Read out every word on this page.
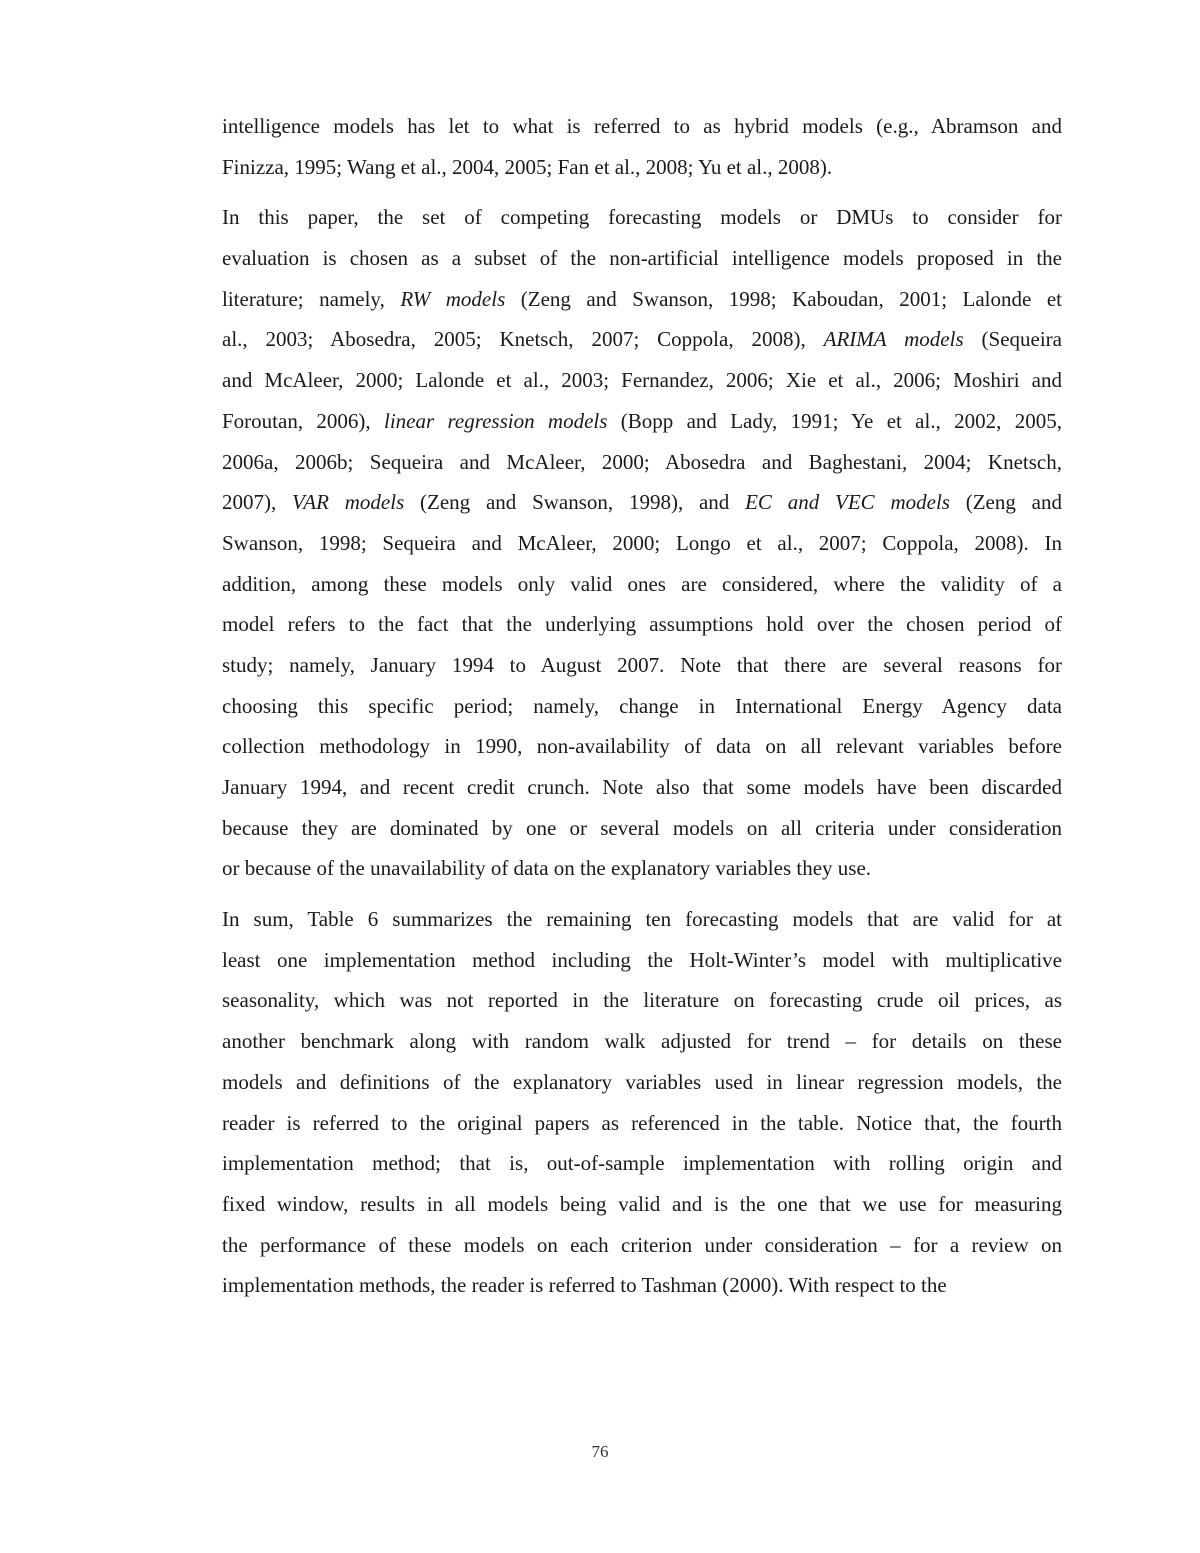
intelligence models has let to what is referred to as hybrid models (e.g., Abramson and
Finizza, 1995; Wang et al., 2004, 2005; Fan et al., 2008; Yu et al., 2008).

In this paper, the set of competing forecasting models or DMUs to consider for
evaluation is chosen as a subset of the non-artificial intelligence models proposed in the
literature; namely, RW models (Zeng and Swanson, 1998; Kaboudan, 2001; Lalonde et
al., 2003; Abosedra, 2005; Knetsch, 2007; Coppola, 2008), ARIMA models (Sequeira
and McAleer, 2000; Lalonde et al., 2003; Fernandez, 2006; Xie et al., 2006; Moshiri and
Foroutan, 2006), linear regression models (Bopp and Lady, 1991; Ye et al., 2002, 2005,
2006a, 2006b; Sequeira and McAleer, 2000; Abosedra and Baghestani, 2004; Knetsch,
2007), VAR models (Zeng and Swanson, 1998), and EC and VEC models (Zeng and
Swanson, 1998; Sequeira and McAleer, 2000; Longo et al., 2007; Coppola, 2008). In
addition, among these models only valid ones are considered, where the validity of a
model refers to the fact that the underlying assumptions hold over the chosen period of
study; namely, January 1994 to August 2007. Note that there are several reasons for
choosing this specific period; namely, change in International Energy Agency data
collection methodology in 1990, non-availability of data on all relevant variables before
January 1994, and recent credit crunch. Note also that some models have been discarded
because they are dominated by one or several models on all criteria under consideration
or because of the unavailability of data on the explanatory variables they use.

In sum, Table 6 summarizes the remaining ten forecasting models that are valid for at
least one implementation method including the Holt-Winter’s model with multiplicative
seasonality, which was not reported in the literature on forecasting crude oil prices, as
another benchmark along with random walk adjusted for trend – for details on these
models and definitions of the explanatory variables used in linear regression models, the
reader is referred to the original papers as referenced in the table. Notice that, the fourth
implementation method; that is, out-of-sample implementation with rolling origin and
fixed window, results in all models being valid and is the one that we use for measuring
the performance of these models on each criterion under consideration – for a review on
implementation methods, the reader is referred to Tashman (2000). With respect to the

76
